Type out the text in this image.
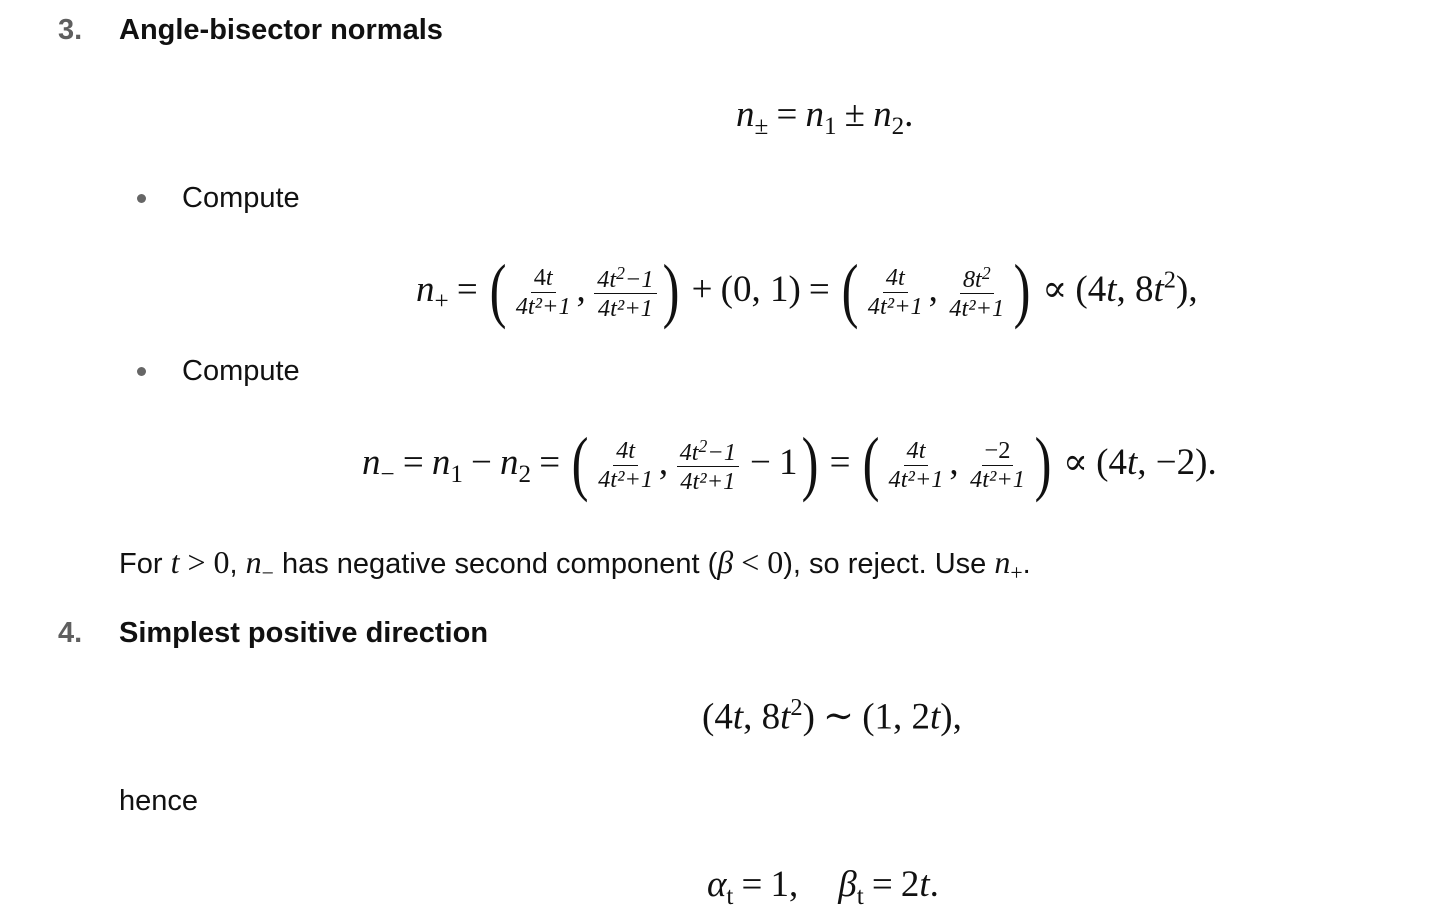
3. Angle-bisector normals
$n_\pm = n_1 \pm n_2$.
Compute
$n_+$ = ( $\frac{4t}{\text{4t²+1}}$ , $\frac{4t^2-1}{\text{4t²+1}}$ ) + (0, 1) = ( $\frac{4t}{\text{4t²+1}}$ , $\frac{8t^2}{\text{4t²+1}}$ ) ∝ (4t, $8t^2$),
Compute
$n_- = n_1 - n_2$ = ( $\frac{4t}{\text{4t²+1}}$ , $\frac{4t^2-1}{\text{4t²+1}} - 1$) = ( $\frac{4t}{\text{4t²+1}}$ , $\frac{-2}{\text{4t²+1}}$ ) ∝ (4t, −2).
For t > 0, $n_-$ has negative second component (β < 0), so reject. Use $n_+$.
4. Simplest positive direction
(4t, $8t^2$) ∼ (1, 2t),
hence
$\alpha_t = 1$, $\beta_t = 2t$.
